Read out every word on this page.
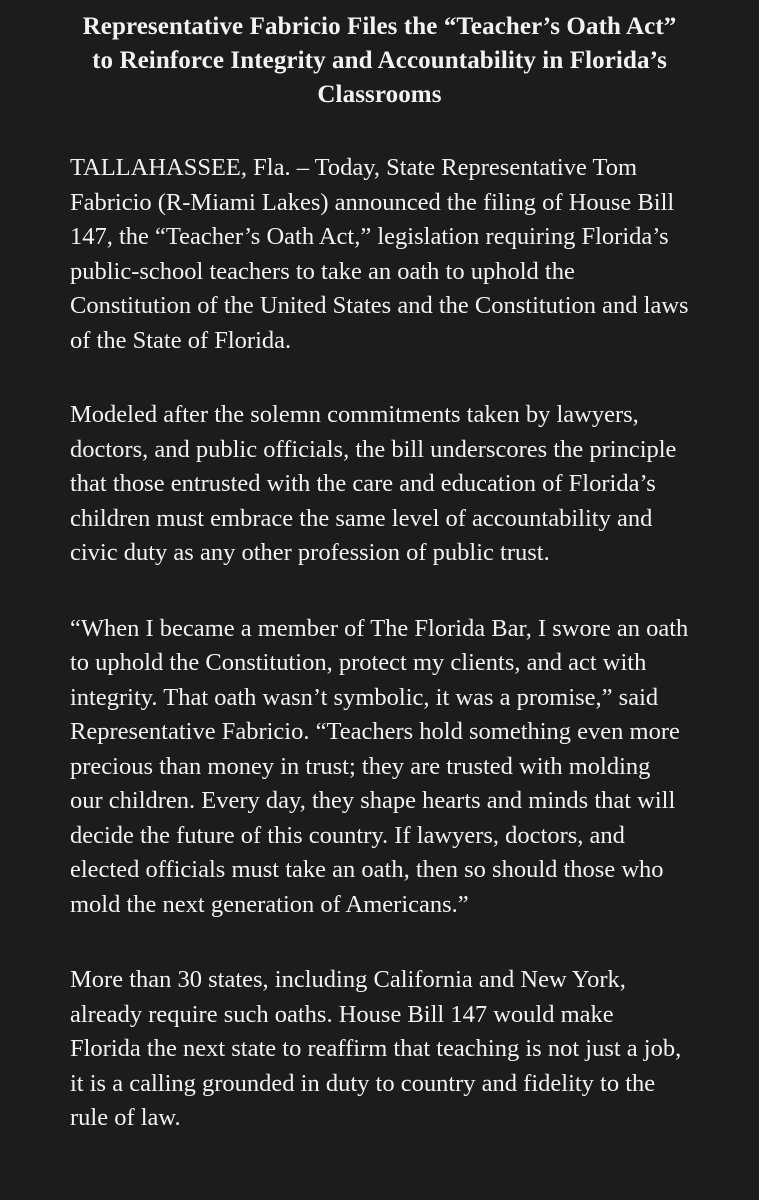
Representative Fabricio Files the “Teacher’s Oath Act” to Reinforce Integrity and Accountability in Florida’s Classrooms

TALLAHASSEE, Fla. – Today, State Representative Tom Fabricio (R-Miami Lakes) announced the filing of House Bill 147, the “Teacher’s Oath Act,” legislation requiring Florida’s public-school teachers to take an oath to uphold the Constitution of the United States and the Constitution and laws of the State of Florida.

Modeled after the solemn commitments taken by lawyers, doctors, and public officials, the bill underscores the principle that those entrusted with the care and education of Florida’s children must embrace the same level of accountability and civic duty as any other profession of public trust.

“When I became a member of The Florida Bar, I swore an oath to uphold the Constitution, protect my clients, and act with integrity. That oath wasn’t symbolic, it was a promise,” said Representative Fabricio. “Teachers hold something even more precious than money in trust; they are trusted with molding our children. Every day, they shape hearts and minds that will decide the future of this country. If lawyers, doctors, and elected officials must take an oath, then so should those who mold the next generation of Americans.”

More than 30 states, including California and New York, already require such oaths. House Bill 147 would make Florida the next state to reaffirm that teaching is not just a job, it is a calling grounded in duty to country and fidelity to the rule of law.
